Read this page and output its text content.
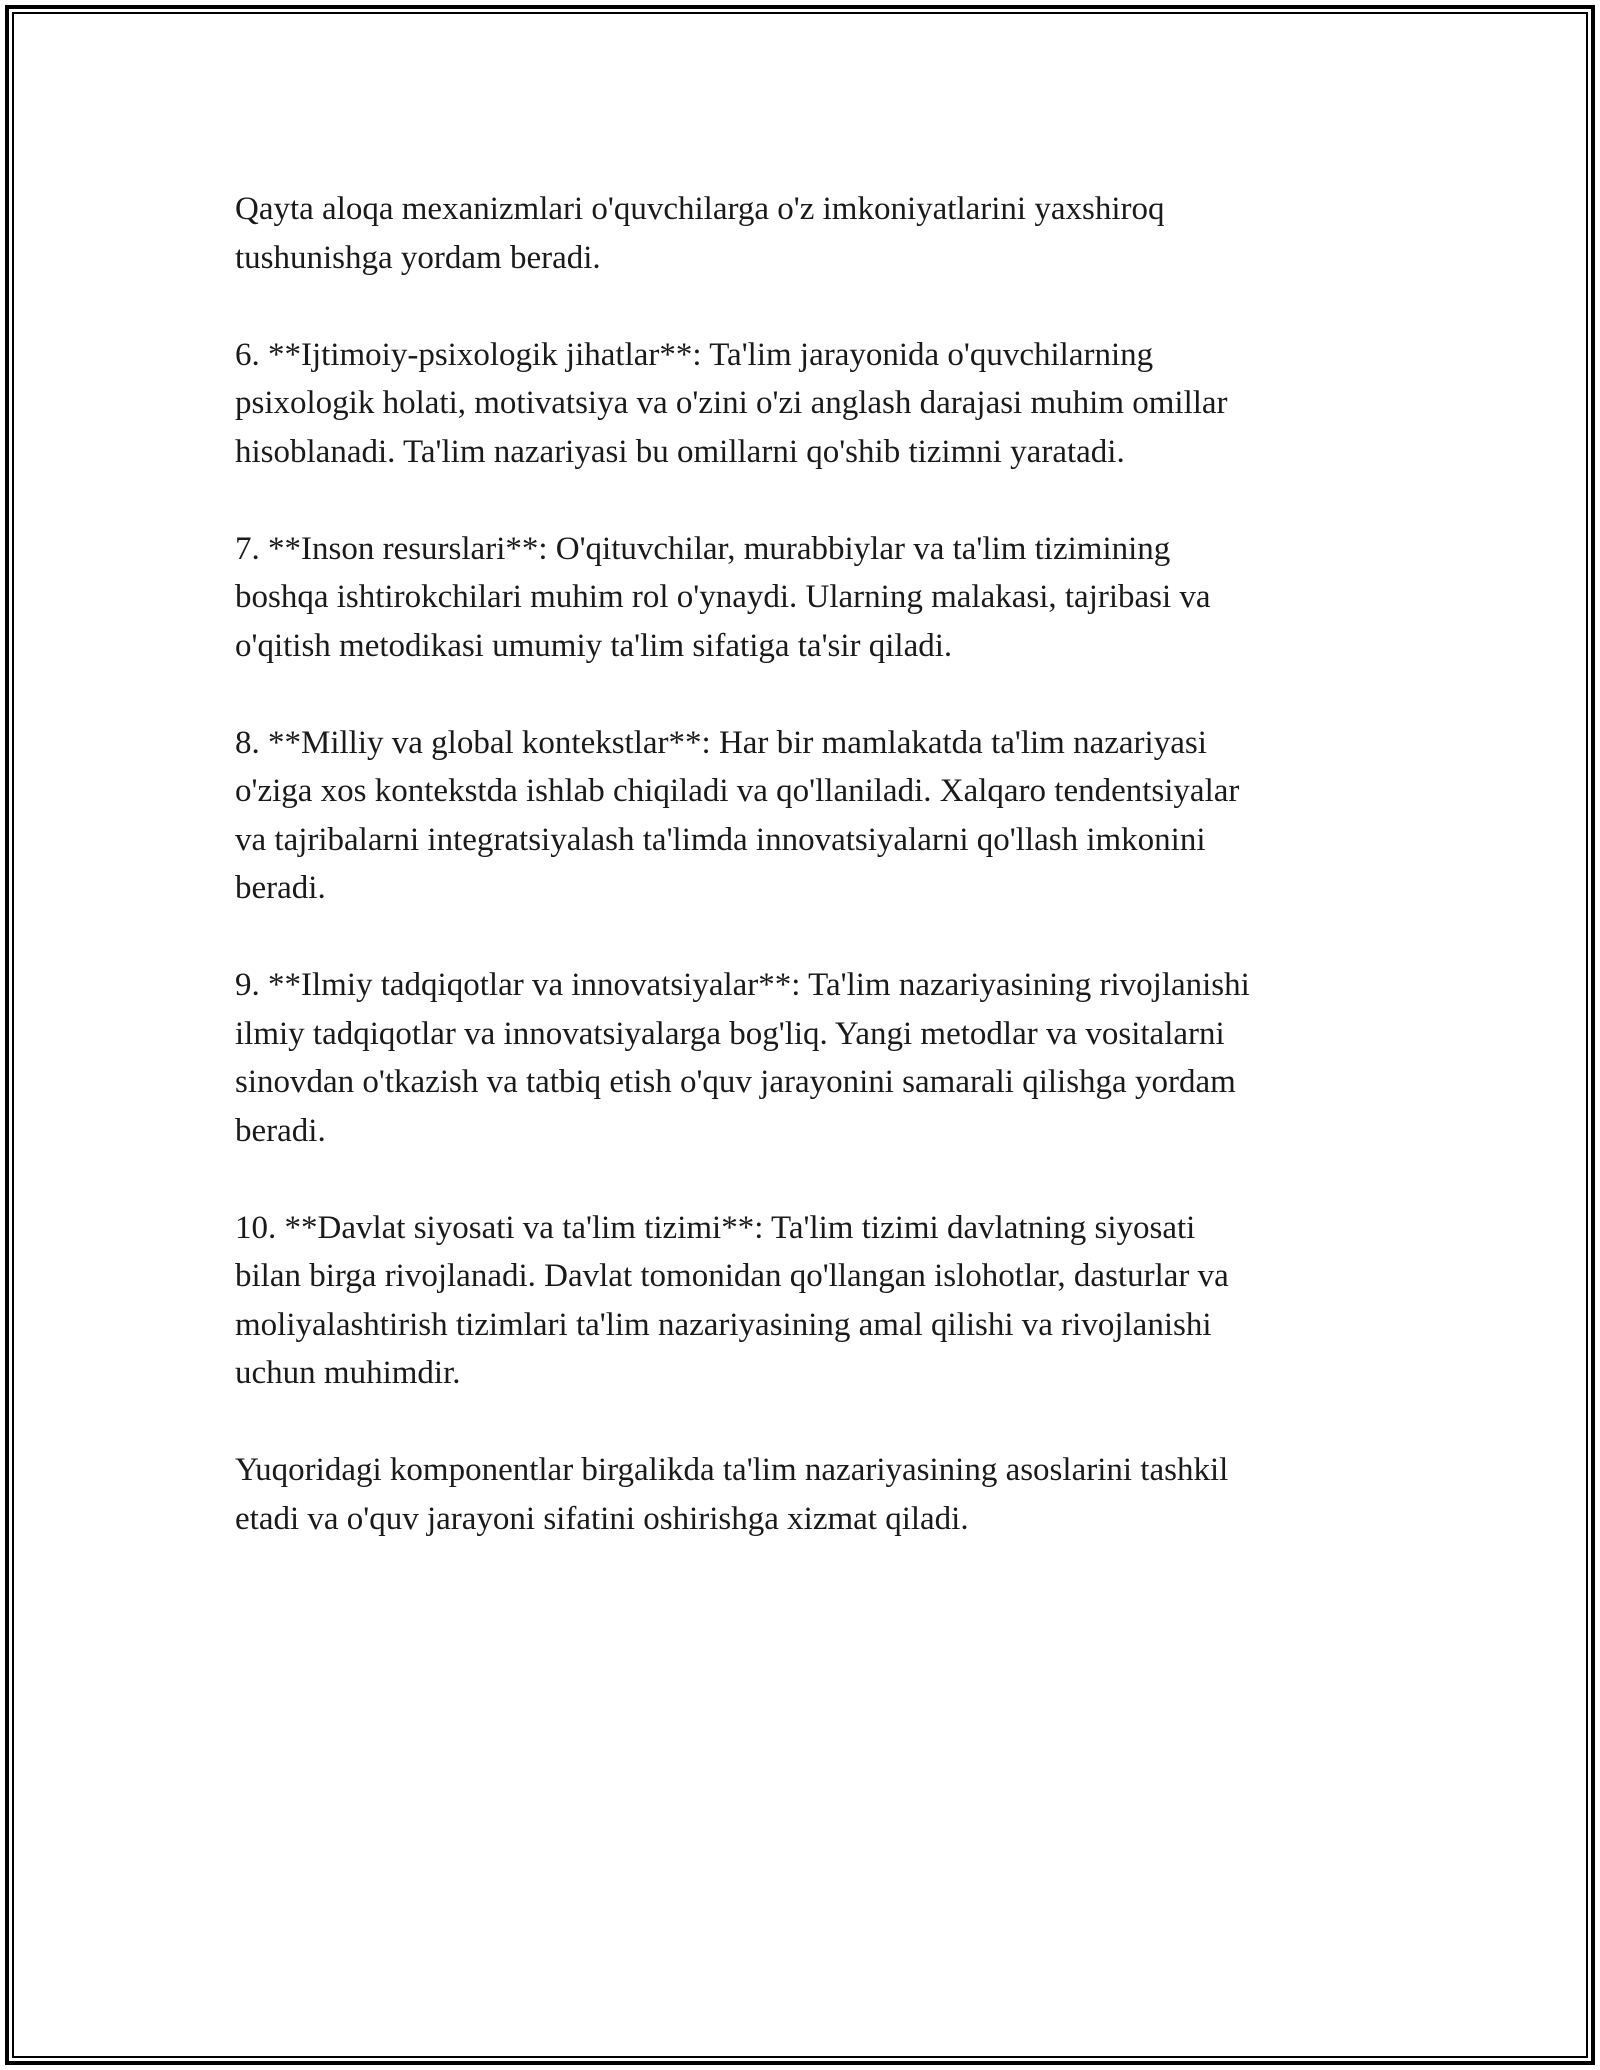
Qayta aloqa mexanizmlari o'quvchilarga o'z imkoniyatlarini yaxshiroq
tushunishga yordam beradi.

6. **Ijtimoiy-psixologik jihatlar**: Ta'lim jarayonida o'quvchilarning
psixologik holati, motivatsiya va o'zini o'zi anglash darajasi muhim omillar
hisoblanadi. Ta'lim nazariyasi bu omillarni qo'shib tizimni yaratadi.

7. **Inson resurslari**: O'qituvchilar, murabbiylar va ta'lim tizimining
boshqa ishtirokchilari muhim rol o'ynaydi. Ularning malakasi, tajribasi va
o'qitish metodikasi umumiy ta'lim sifatiga ta'sir qiladi.

8. **Milliy va global kontekstlar**: Har bir mamlakatda ta'lim nazariyasi
o'ziga xos kontekstda ishlab chiqiladi va qo'llaniladi. Xalqaro tendentsiyalar
va tajribalarni integratsiyalash ta'limda innovatsiyalarni qo'llash imkonini
beradi.

9. **Ilmiy tadqiqotlar va innovatsiyalar**: Ta'lim nazariyasining rivojlanishi
ilmiy tadqiqotlar va innovatsiyalarga bog'liq. Yangi metodlar va vositalarni
sinovdan o'tkazish va tatbiq etish o'quv jarayonini samarali qilishga yordam
beradi.

10. **Davlat siyosati va ta'lim tizimi**: Ta'lim tizimi davlatning siyosati
bilan birga rivojlanadi. Davlat tomonidan qo'llangan islohotlar, dasturlar va
moliyalashtirish tizimlari ta'lim nazariyasining amal qilishi va rivojlanishi
uchun muhimdir.

Yuqoridagi komponentlar birgalikda ta'lim nazariyasining asoslarini tashkil
etadi va o'quv jarayoni sifatini oshirishga xizmat qiladi.
